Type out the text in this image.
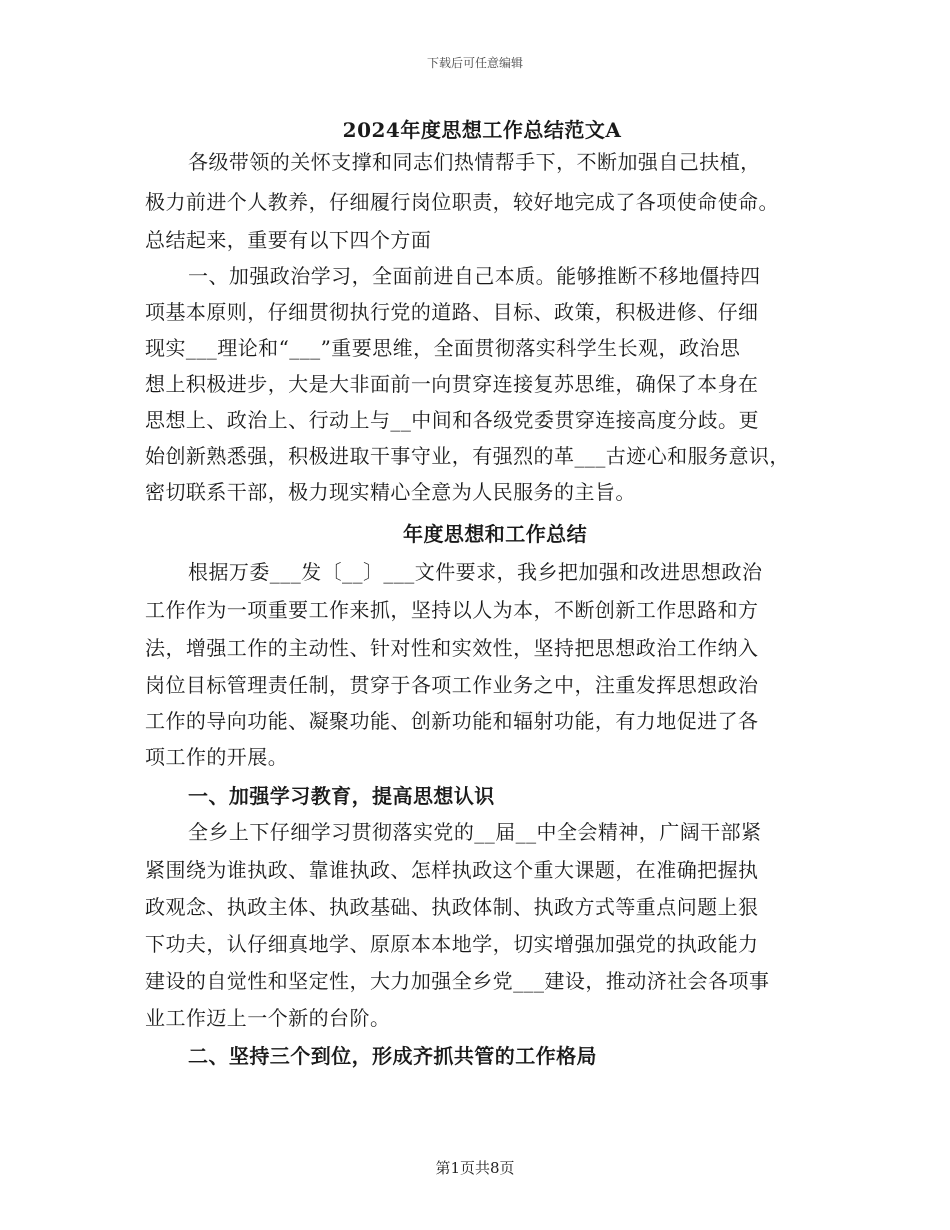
下载后可任意编辑
2024年度思想工作总结范文A
各级带领的关怀支撑和同志们热情帮手下，不断加强自己扶植，
极力前进个人教养，仔细履行岗位职责，较好地完成了各项使命使命。
总结起来，重要有以下四个方面
一、加强政治学习，全面前进自己本质。能够推断不移地僵持四
项基本原则，仔细贯彻执行党的道路、目标、政策，积极进修、仔细
现实___理论和“___”重要思维，全面贯彻落实科学生长观，政治思
想上积极进步，大是大非面前一向贯穿连接复苏思维，确保了本身在
思想上、政治上、行动上与__中间和各级党委贯穿连接高度分歧。更
始创新熟悉强，积极进取干事守业，有强烈的革___古迹心和服务意识，
密切联系干部，极力现实精心全意为人民服务的主旨。
年度思想和工作总结
根据万委___发〔__〕___文件要求，我乡把加强和改进思想政治
工作作为一项重要工作来抓，坚持以人为本，不断创新工作思路和方
法，增强工作的主动性、针对性和实效性，坚持把思想政治工作纳入
岗位目标管理责任制，贯穿于各项工作业务之中，注重发挥思想政治
工作的导向功能、凝聚功能、创新功能和辐射功能，有力地促进了各
项工作的开展。
一、加强学习教育，提高思想认识
全乡上下仔细学习贯彻落实党的__届__中全会精神，广阔干部紧
紧围绕为谁执政、靠谁执政、怎样执政这个重大课题，在准确把握执
政观念、执政主体、执政基础、执政体制、执政方式等重点问题上狠
下功夫，认仔细真地学、原原本本地学，切实增强加强党的执政能力
建设的自觉性和坚定性，大力加强全乡党___建设，推动济社会各项事
业工作迈上一个新的台阶。
二、坚持三个到位，形成齐抓共管的工作格局
第1页共8页
